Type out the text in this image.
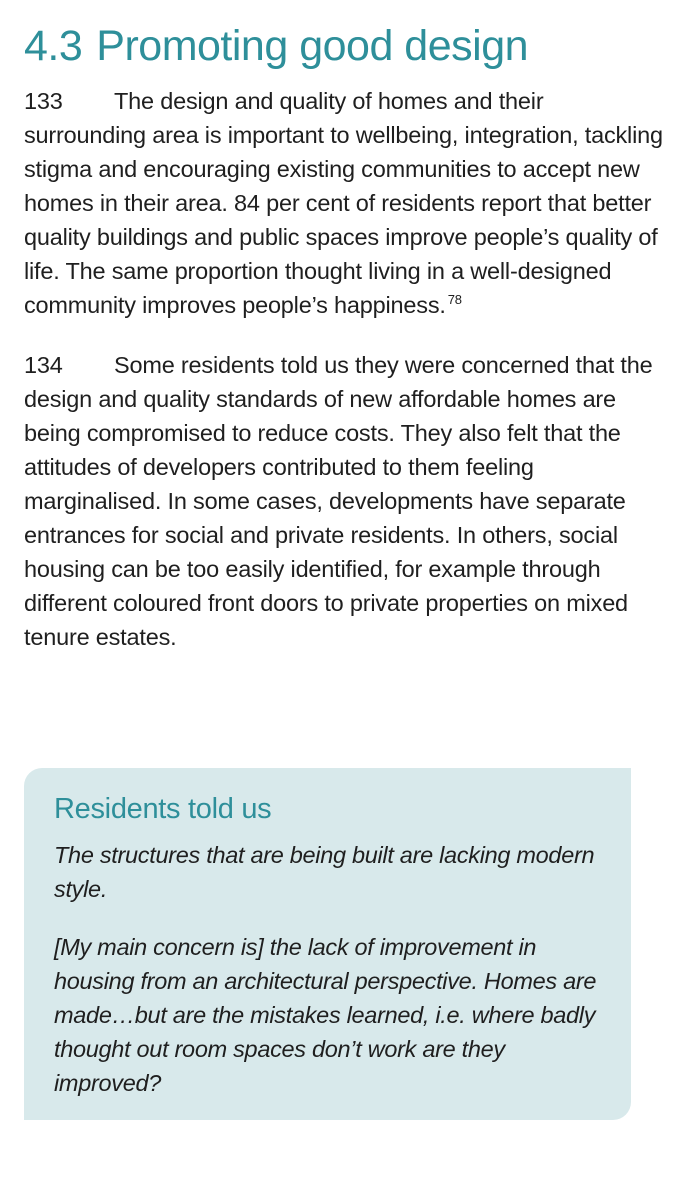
4.3 Promoting good design

133 The design and quality of homes and their surrounding area is important to wellbeing, integration, tackling stigma and encouraging existing communities to accept new homes in their area. 84 per cent of residents report that better quality buildings and public spaces improve people’s quality of life. The same proportion thought living in a well-designed community improves people’s happiness. $^{78}$

134 Some residents told us they were concerned that the design and quality standards of new affordable homes are being compromised to reduce costs. They also felt that the attitudes of developers contributed to them feeling marginalised. In some cases, developments have separate entrances for social and private residents. In others, social housing can be too easily identified, for example through different coloured front doors to private properties on mixed tenure estates.

Residents told us

The structures that are being built are lacking modern style.

[My main concern is] the lack of improvement in housing from an architectural perspective. Homes are made…but are the mistakes learned, i.e. where badly thought out room spaces don’t work are they improved?
